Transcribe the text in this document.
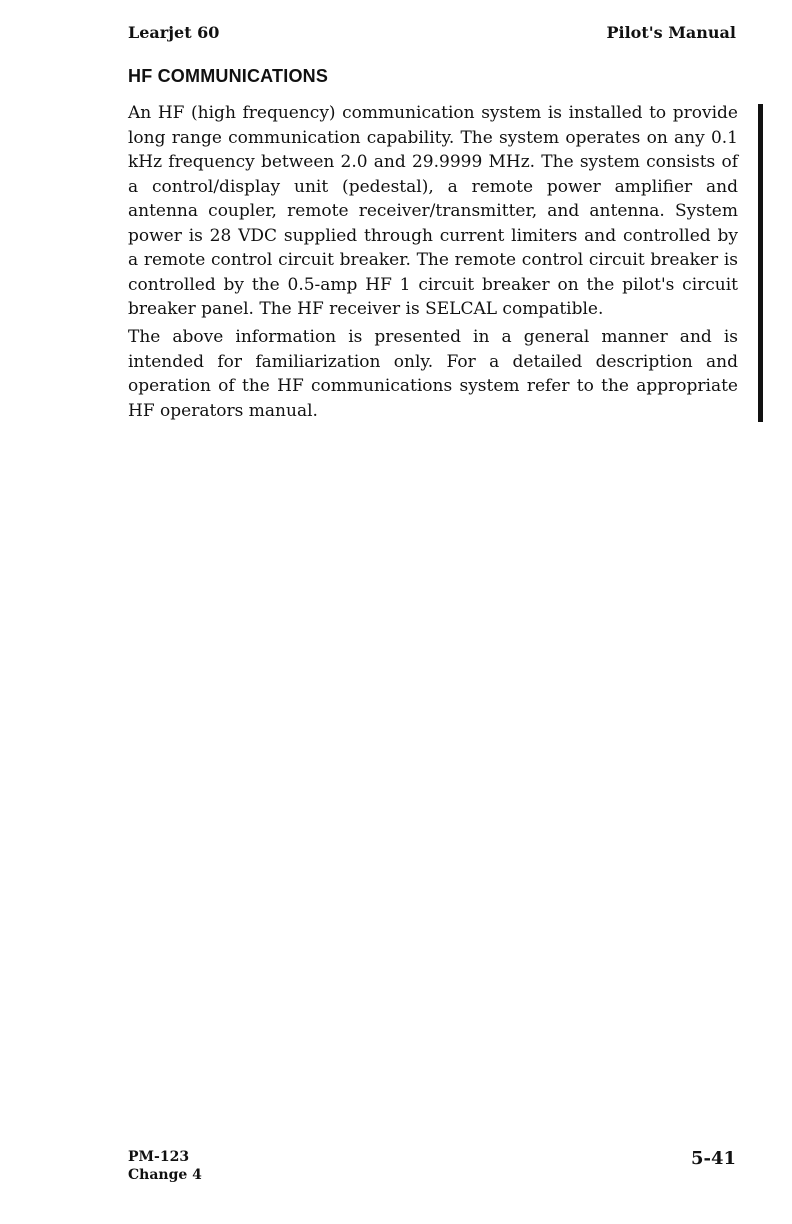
Learjet 60	Pilot's Manual
HF COMMUNICATIONS

An HF (high frequency) communication system is installed to provide long range communication capability. The system operates on any 0.1 kHz frequency between 2.0 and 29.9999 MHz. The system consists of a control/display unit (pedestal), a remote power amplifier and antenna coupler, remote receiver/transmitter, and antenna. System power is 28 VDC supplied through current limiters and controlled by a remote control circuit breaker. The remote control circuit breaker is controlled by the 0.5-amp HF 1 circuit breaker on the pilot's circuit breaker panel. The HF receiver is SELCAL compatible.

The above information is presented in a general manner and is intended for familiarization only. For a detailed description and operation of the HF communications system refer to the appropriate HF operators manual.

PM-123
Change 4
5-41
